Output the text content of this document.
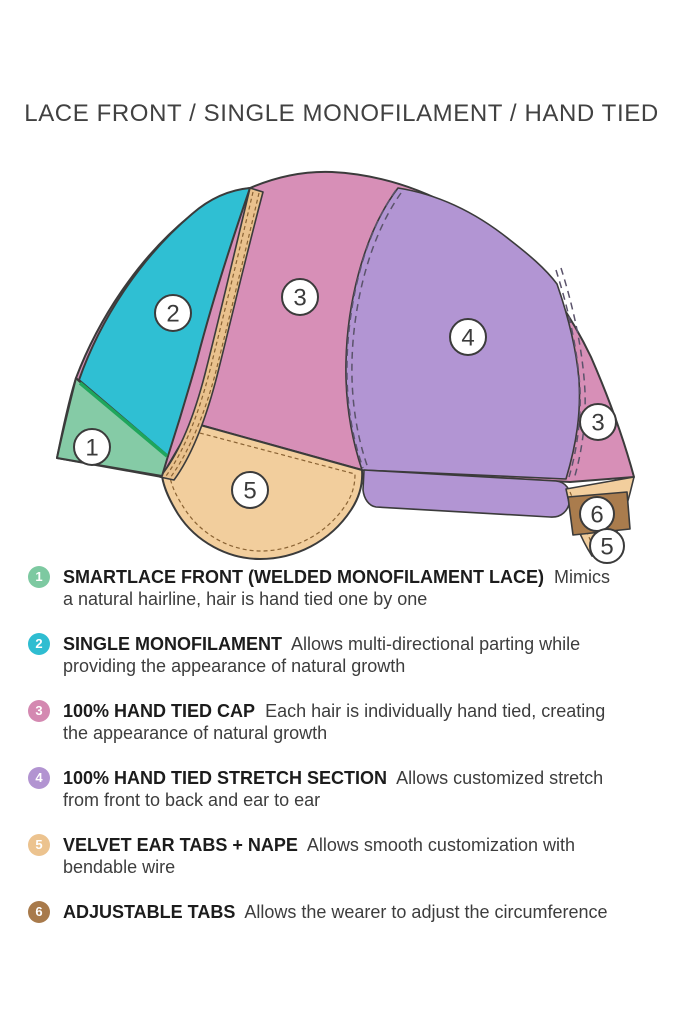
LACE FRONT / SINGLE MONOFILAMENT / HAND TIED
1
2
3
4
3
5
6
5
1	SMARTLACE FRONT (WELDED MONOFILAMENT LACE) Mimics a natural hairline, hair is hand tied one by one
2	SINGLE MONOFILAMENT Allows multi-directional parting while providing the appearance of natural growth
3	100% HAND TIED CAP Each hair is individually hand tied, creating the appearance of natural growth
4	100% HAND TIED STRETCH SECTION Allows customized stretch from front to back and ear to ear
5	VELVET EAR TABS + NAPE Allows smooth customization with bendable wire
6	ADJUSTABLE TABS Allows the wearer to adjust the circumference
